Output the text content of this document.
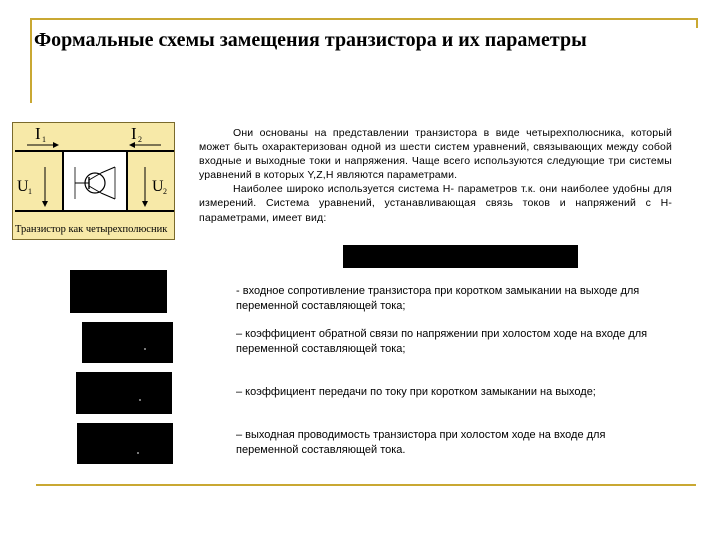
Формальные схемы замещения транзистора и их параметры
I 1	I 2
U 1	U 2
Транзистор как четырехполюсник

Они основаны на представлении транзистора в виде четырехполюсника, который может быть охарактеризован одной из шести систем уравнений, связывающих между собой входные и выходные токи и напряжения. Чаще всего используются следующие три системы уравнений в которых Y,Z,H являются параметрами.

Наиболее широко используется система H- параметров т.к. они наиболее удобны для измерений. Система уравнений, устанавливающая связь токов и напряжений с H-параметрами, имеет вид:

- входное сопротивление транзистора при коротком замыкании на выходе для переменной составляющей тока;
– коэффициент обратной связи по напряжении при холостом ходе на входе для переменной составляющей тока;
– коэффициент передачи по току при коротком замыкании на выходе;
– выходная проводимость транзистора при холостом ходе на входе для переменной составляющей тока.
